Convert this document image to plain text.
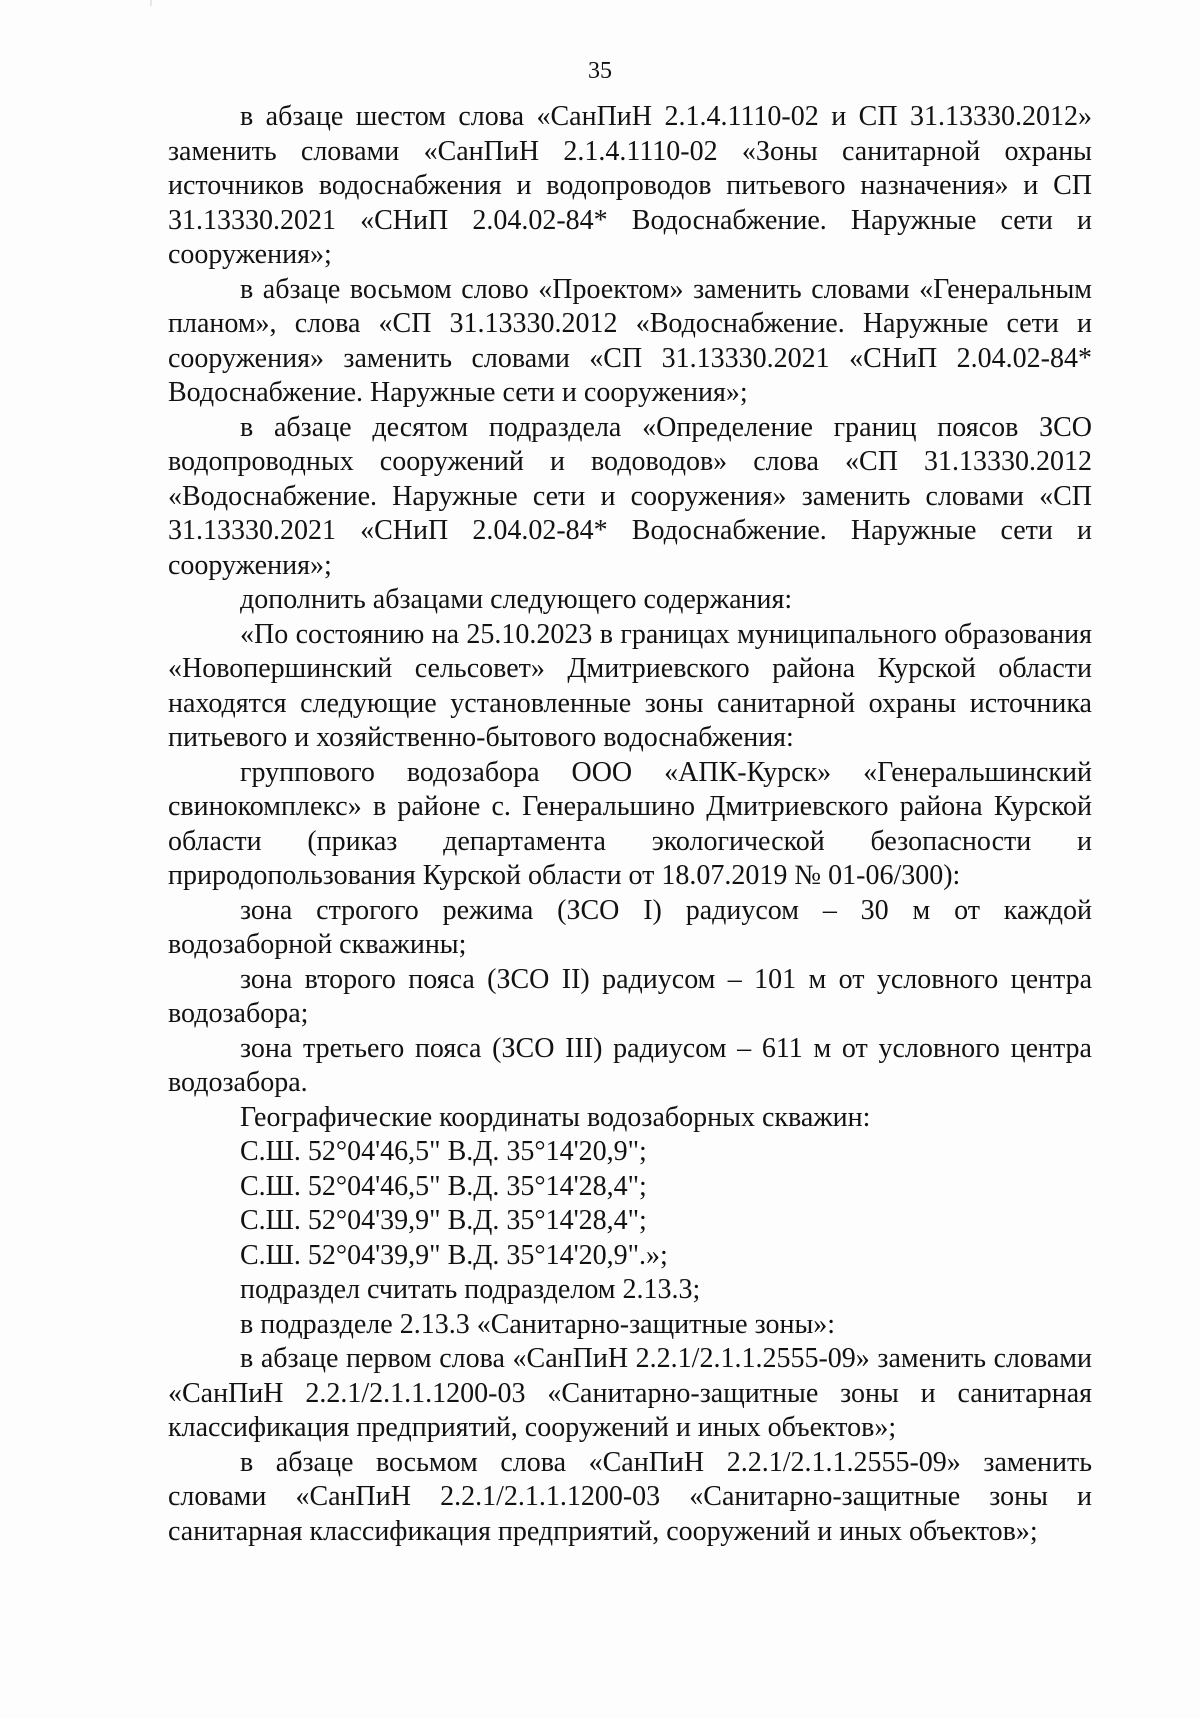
35

в абзаце шестом слова «СанПиН 2.1.4.1110-02 и СП 31.13330.2012» заменить словами «СанПиН 2.1.4.1110-02 «Зоны санитарной охраны источников водоснабжения и водопроводов питьевого назначения» и СП 31.13330.2021 «СНиП 2.04.02-84* Водоснабжение. Наружные сети и сооружения»;

в абзаце восьмом слово «Проектом» заменить словами «Генеральным планом», слова «СП 31.13330.2012 «Водоснабжение. Наружные сети и сооружения» заменить словами «СП 31.13330.2021 «СНиП 2.04.02-84* Водоснабжение. Наружные сети и сооружения»;

в абзаце десятом подраздела «Определение границ поясов ЗСО водопроводных сооружений и водоводов» слова «СП 31.13330.2012 «Водоснабжение. Наружные сети и сооружения» заменить словами «СП 31.13330.2021 «СНиП 2.04.02-84* Водоснабжение. Наружные сети и сооружения»;

дополнить абзацами следующего содержания:

«По состоянию на 25.10.2023 в границах муниципального образования «Новопершинский сельсовет» Дмитриевского района Курской области находятся следующие установленные зоны санитарной охраны источника питьевого и хозяйственно-бытового водоснабжения:

группового водозабора ООО «АПК-Курск» «Генеральшинский свинокомплекс» в районе с. Генеральшино Дмитриевского района Курской области (приказ департамента экологической безопасности и природопользования Курской области от 18.07.2019 № 01-06/300):

зона строгого режима (ЗСО I) радиусом – 30 м от каждой водозаборной скважины;

зона второго пояса (ЗСО II) радиусом – 101 м от условного центра водозабора;

зона третьего пояса (ЗСО III) радиусом – 611 м от условного центра водозабора.

Географические координаты водозаборных скважин:

С.Ш. 52°04'46,5" В.Д. 35°14'20,9";

С.Ш. 52°04'46,5" В.Д. 35°14'28,4";

С.Ш. 52°04'39,9" В.Д. 35°14'28,4";

С.Ш. 52°04'39,9" В.Д. 35°14'20,9".»;

подраздел считать подразделом 2.13.3;

в подразделе 2.13.3 «Санитарно-защитные зоны»:

в абзаце первом слова «СанПиН 2.2.1/2.1.1.2555-09» заменить словами «СанПиН 2.2.1/2.1.1.1200-03 «Санитарно-защитные зоны и санитарная классификация предприятий, сооружений и иных объектов»;

в абзаце восьмом слова «СанПиН 2.2.1/2.1.1.2555-09» заменить словами «СанПиН 2.2.1/2.1.1.1200-03 «Санитарно-защитные зоны и санитарная классификация предприятий, сооружений и иных объектов»;
